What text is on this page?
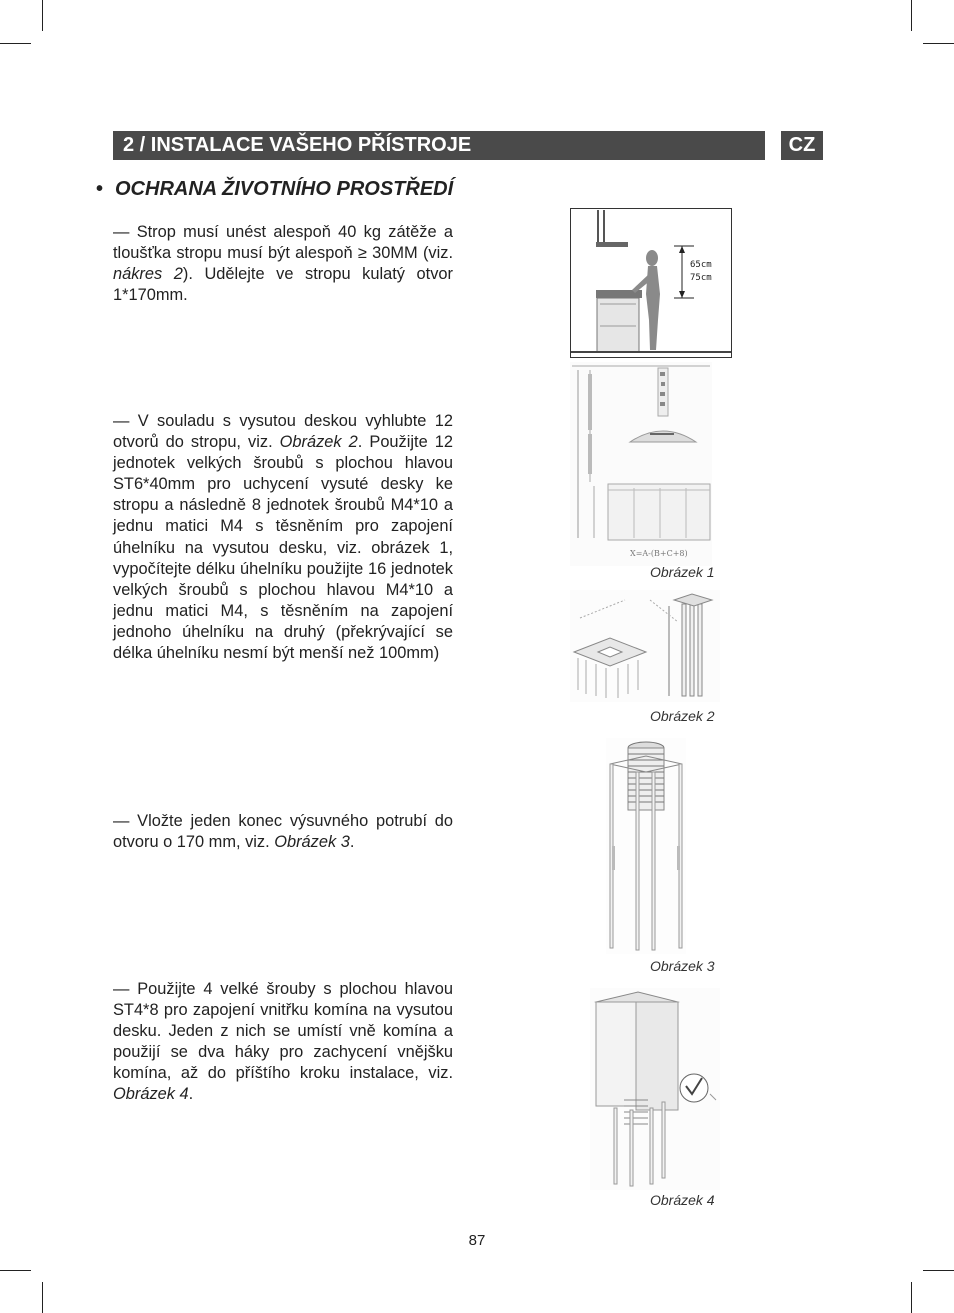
2 / INSTALACE VAŠEHO PŘÍSTROJE	CZ
• OCHRANA ŽIVOTNÍHO PROSTŘEDÍ
— Strop musí unést alespoň 40 kg zátěže a tloušťka stropu musí být alespoň ≥ 30MM (viz. nákres 2). Udělejte ve stropu kulatý otvor 1*170mm.
— V souladu s vysutou deskou vyhlubte 12 otvorů do stropu, viz. Obrázek 2. Použijte 12 jednotek velkých šroubů s plochou hlavou ST6*40mm pro uchycení vysuté desky ke stropu a následně 8 jednotek šroubů M4*10 a jednu matici M4 s těsněním pro zapojení úhelníku na vysutou desku, viz. obrázek 1, vypočítejte délku úhelníku použijte 16 jednotek velkých šroubů s plochou hlavou M4*10 a jednu matici M4, s těsněním na zapojení jednoho úhelníku na druhý (překrývající se délka úhelníku nesmí být menší než 100mm)
— Vložte jeden konec výsuvného potrubí do otvoru o 170 mm, viz. Obrázek 3.
— Použijte 4 velké šrouby s plochou hlavou ST4*8 pro zapojení vnitřku komína na vysutou desku. Jeden z nich se umístí vně komína a použijí se dva háky pro zachycení vnějšku komína, až do příštího kroku instalace, viz. Obrázek 4.
65cm
75cm
X=A-(B+C+8)
Obrázek 1
Obrázek 2
Obrázek 3
Obrázek 4
87
